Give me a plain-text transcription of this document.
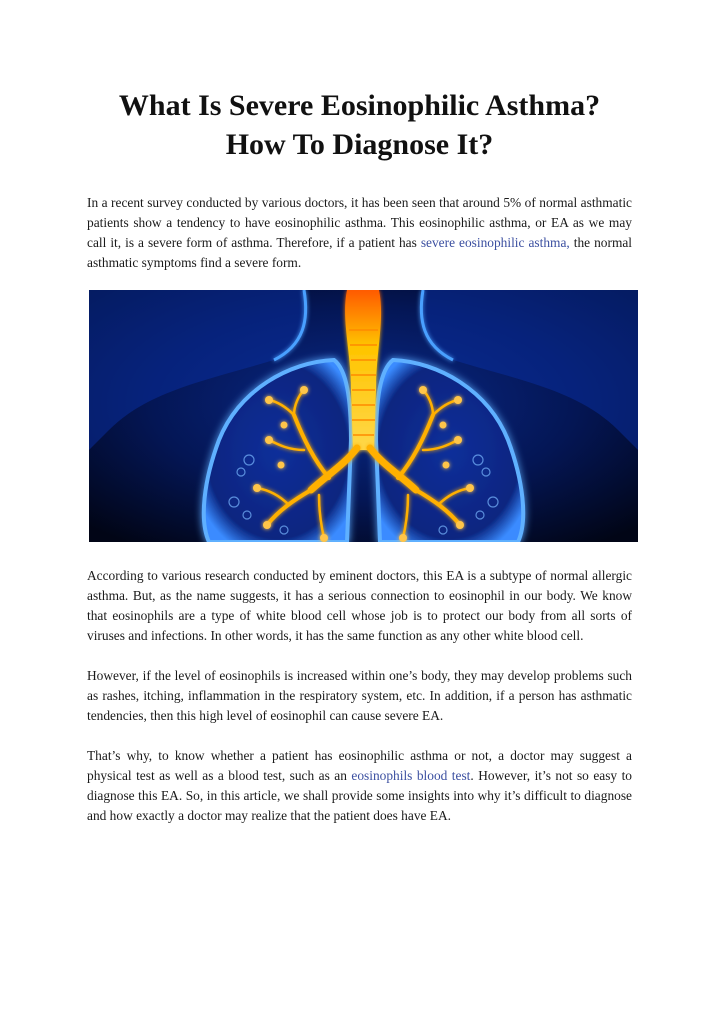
What Is Severe Eosinophilic Asthma? How To Diagnose It?

In a recent survey conducted by various doctors, it has been seen that around 5% of normal asthmatic patients show a tendency to have eosinophilic asthma. This eosinophilic asthma, or EA as we may call it, is a severe form of asthma. Therefore, if a patient has severe eosinophilic asthma, the normal asthmatic symptoms find a severe form.

According to various research conducted by eminent doctors, this EA is a subtype of normal allergic asthma. But, as the name suggests, it has a serious connection to eosinophil in our body. We know that eosinophils are a type of white blood cell whose job is to protect our body from all sorts of viruses and infections. In other words, it has the same function as any other white blood cell.

However, if the level of eosinophils is increased within one’s body, they may develop problems such as rashes, itching, inflammation in the respiratory system, etc. In addition, if a person has asthmatic tendencies, then this high level of eosinophil can cause severe EA.

That’s why, to know whether a patient has eosinophilic asthma or not, a doctor may suggest a physical test as well as a blood test, such as an eosinophils blood test. However, it’s not so easy to diagnose this EA. So, in this article, we shall provide some insights into why it’s difficult to diagnose and how exactly a doctor may realize that the patient does have EA.
